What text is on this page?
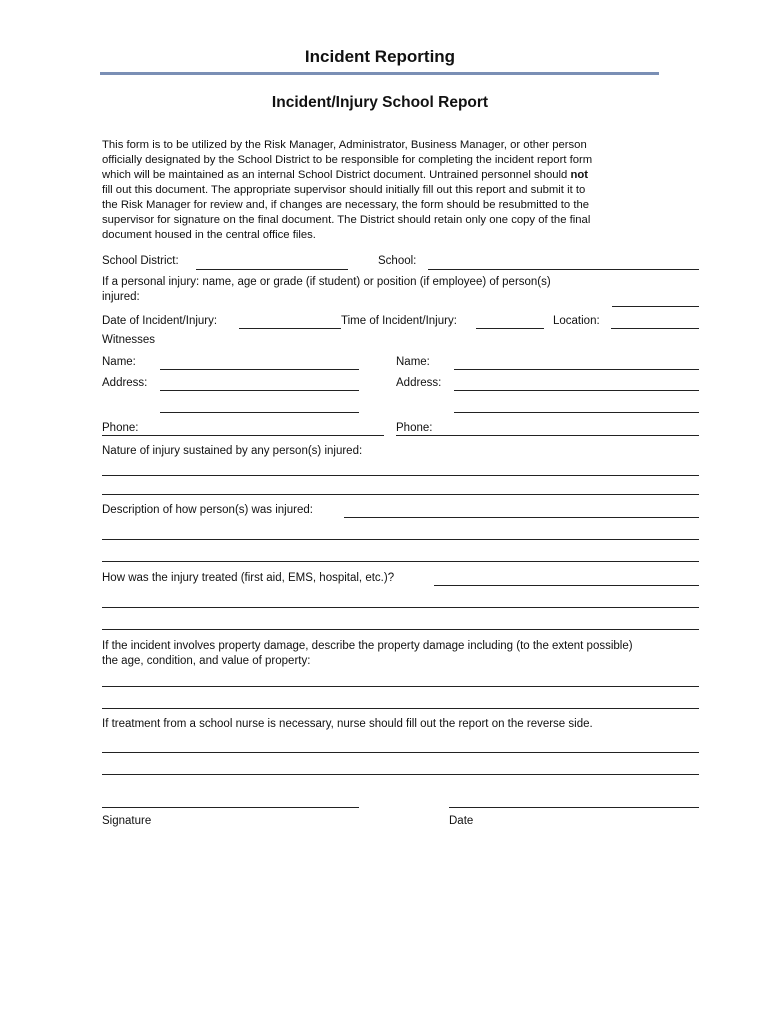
Incident Reporting
Incident/Injury School Report
This form is to be utilized by the Risk Manager, Administrator, Business Manager, or other person
officially designated by the School District to be responsible for completing the incident report form
which will be maintained as an internal School District document. Untrained personnel should not
fill out this document. The appropriate supervisor should initially fill out this report and submit it to
the Risk Manager for review and, if changes are necessary, the form should be resubmitted to the
supervisor for signature on the final document. The District should retain only one copy of the final
document housed in the central office files.
School District:	School:
If a personal injury: name, age or grade (if student) or position (if employee) of person(s)
injured:
Date of Incident/Injury:	Time of Incident/Injury:	Location:
Witnesses
Name:	Name:
Address:	Address:
Phone:	Phone:
Nature of injury sustained by any person(s) injured:
Description of how person(s) was injured:
How was the injury treated (first aid, EMS, hospital, etc.)?
If the incident involves property damage, describe the property damage including (to the extent possible)
the age, condition, and value of property:
If treatment from a school nurse is necessary, nurse should fill out the report on the reverse side.
Signature	Date
